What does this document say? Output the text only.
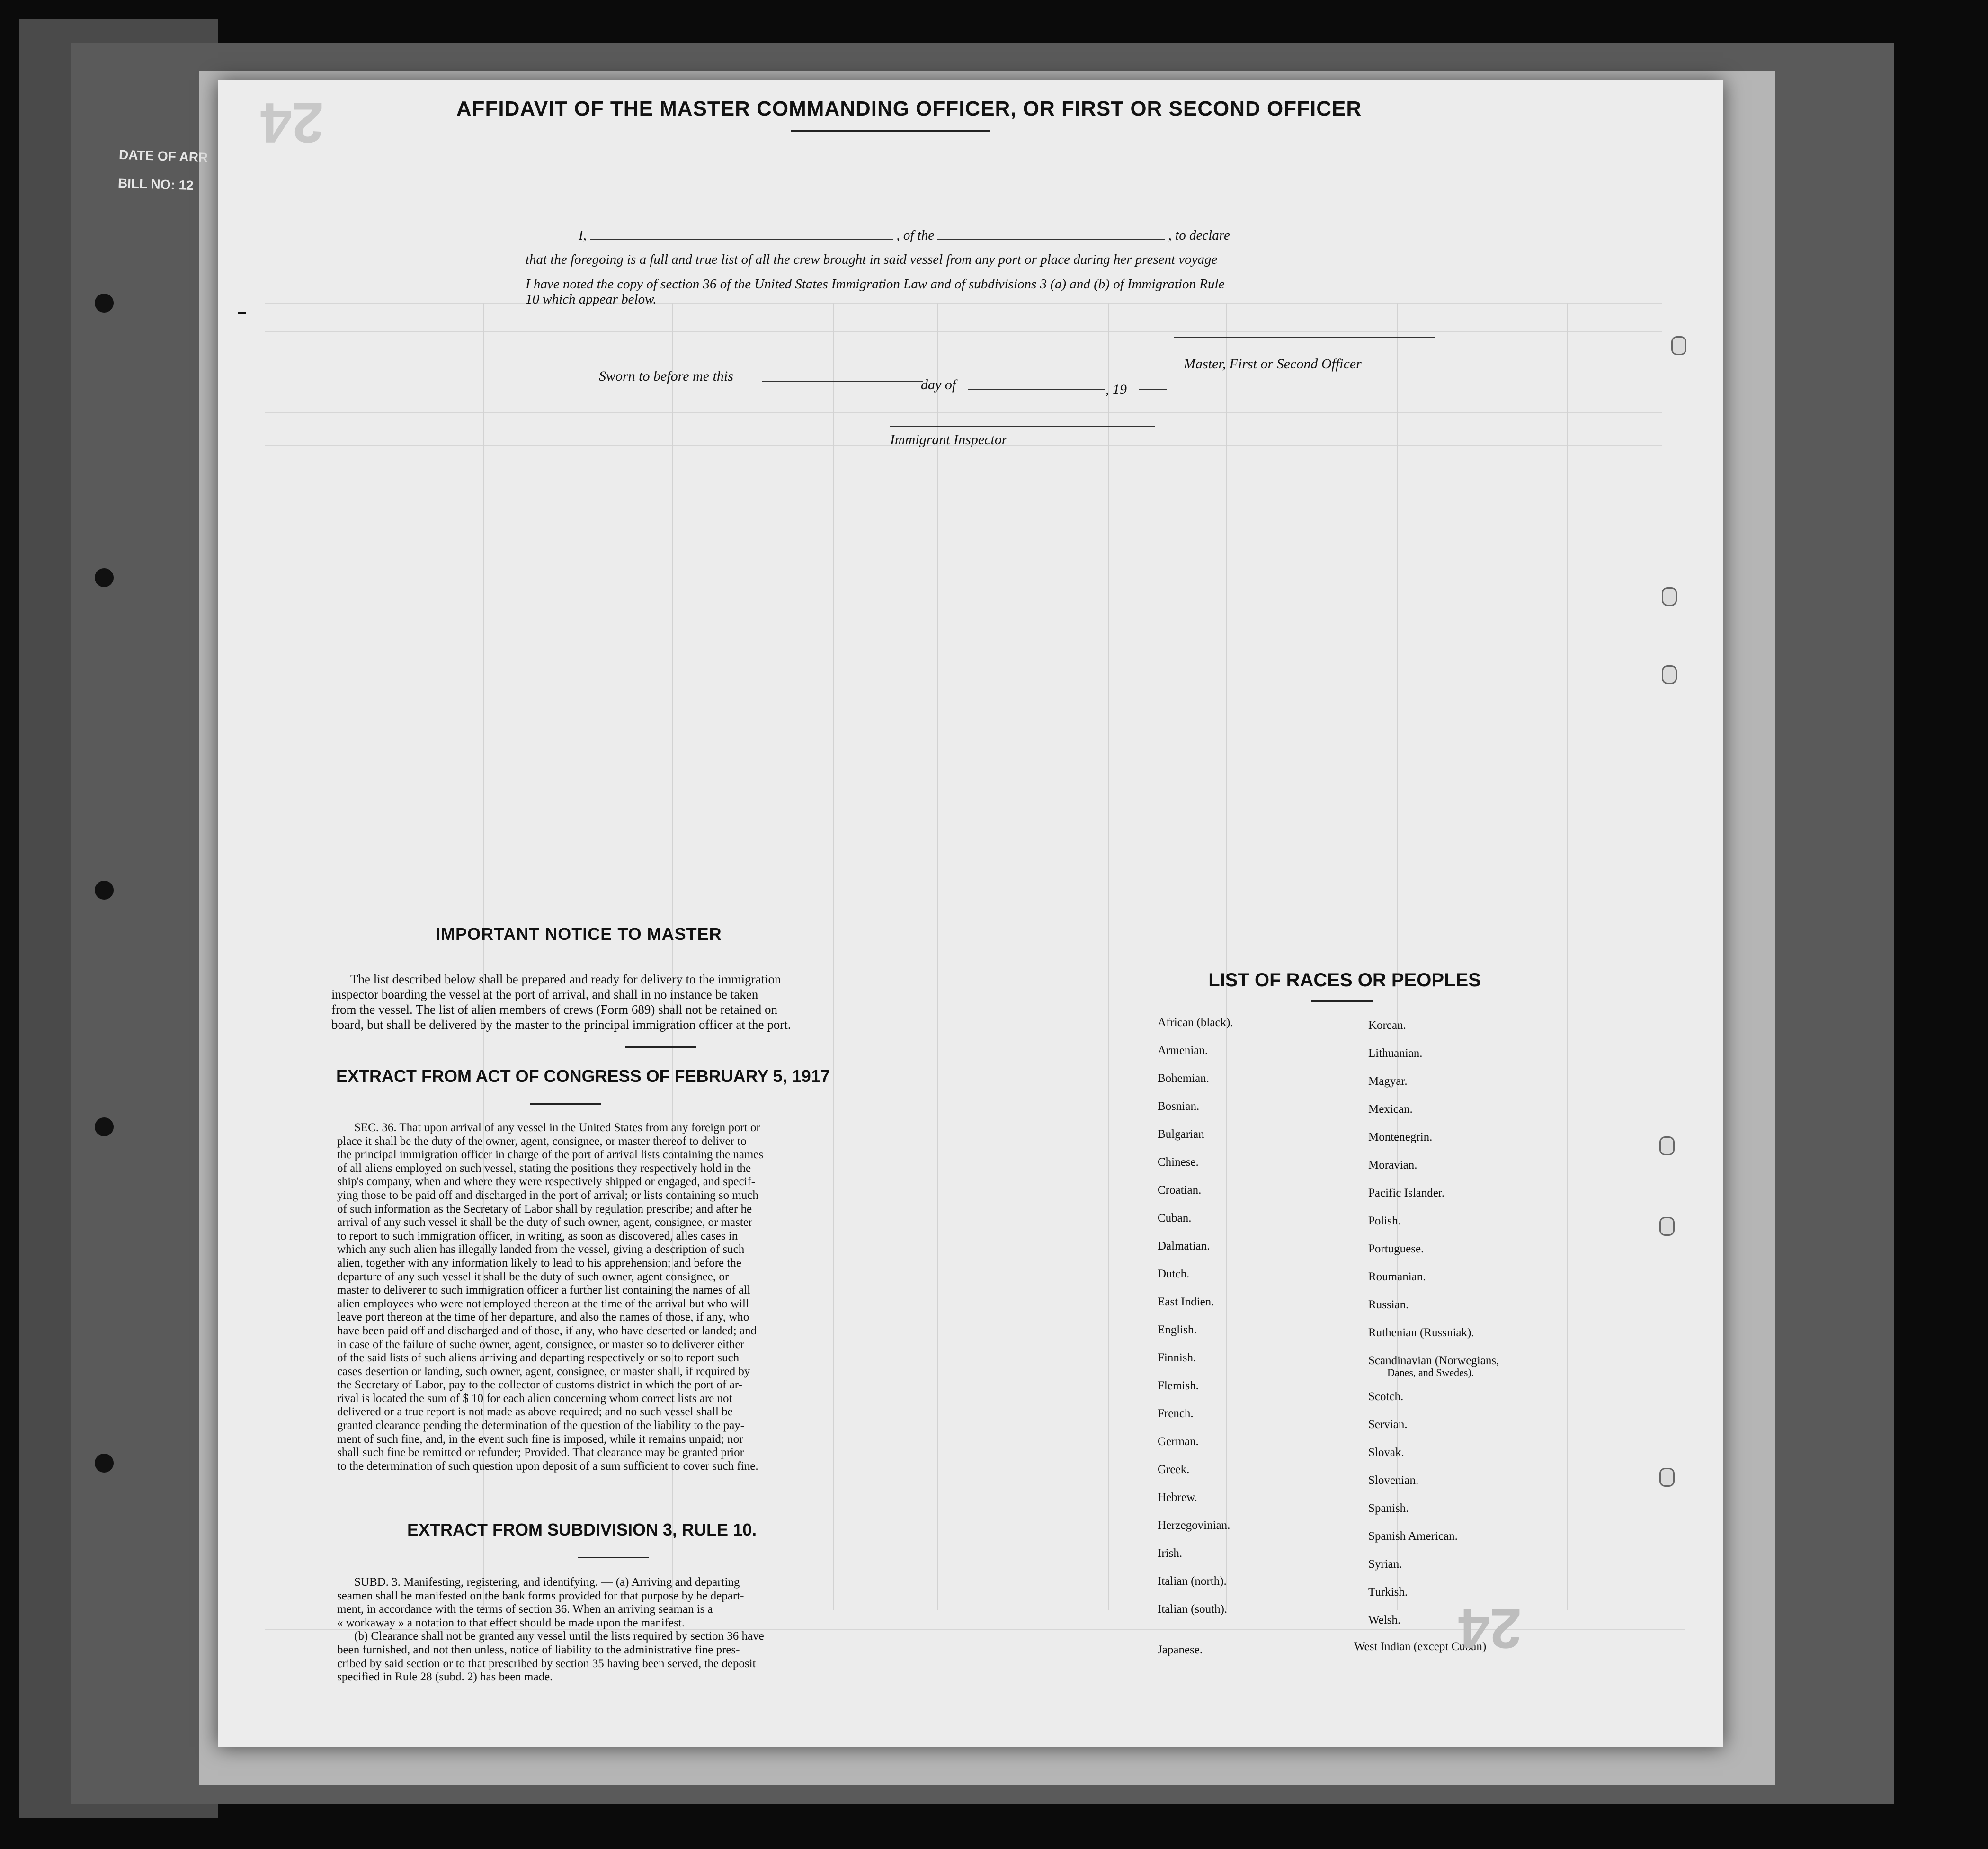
DATE OF ARR
BILL NO: 12
AFFIDAVIT OF THE MASTER COMMANDING OFFICER, OR FIRST OR SECOND OFFICER
I,	, of the	, to declare
that the foregoing is a full and true list of all the crew brought in said vessel from any port or place during her present voyage
I have noted the copy of section 36 of the United States Immigration Law and of subdivisions 3 (a) and (b) of Immigration Rule
10 which appear below.
Master, First or Second Officer
Sworn to before me this
day of	, 19
Immigrant Inspector
IMPORTANT NOTICE TO MASTER
The list described below shall be prepared and ready for delivery to the immigration
inspector boarding the vessel at the port of arrival, and shall in no instance be taken
from the vessel. The list of alien members of crews (Form 689) shall not be retained on
board, but shall be delivered by the master to the principal immigration officer at the port.
EXTRACT FROM ACT OF CONGRESS OF FEBRUARY 5, 1917
SEC. 36. That upon arrival of any vessel in the United States from any foreign port or
place it shall be the duty of the owner, agent, consignee, or master thereof to deliver to
the principal immigration officer in charge of the port of arrival lists containing the names
of all aliens employed on such vessel, stating the positions they respectively hold in the
ship's company, when and where they were respectively shipped or engaged, and specif-
ying those to be paid off and discharged in the port of arrival; or lists containing so much
of such information as the Secretary of Labor shall by regulation prescribe; and after he
arrival of any such vessel it shall be the duty of such owner, agent, consignee, or master
to report to such immigration officer, in writing, as soon as discovered, alles cases in
which any such alien has illegally landed from the vessel, giving a description of such
alien, together with any information likely to lead to his apprehension; and before the
departure of any such vessel it shall be the duty of such owner, agent consignee, or
master to deliverer to such immigration officer a further list containing the names of all
alien employees who were not employed thereon at the time of the arrival but who will
leave port thereon at the time of her departure, and also the names of those, if any, who
have been paid off and discharged and of those, if any, who have deserted or landed; and
in case of the failure of suche owner, agent, consignee, or master so to deliverer either
of the said lists of such aliens arriving and departing respectively or so to report such
cases desertion or landing, such owner, agent, consignee, or master shall, if required by
the Secretary of Labor, pay to the collector of customs district in which the port of ar-
rival is located the sum of $ 10 for each alien concerning whom correct lists are not
delivered or a true report is not made as above required; and no such vessel shall be
granted clearance pending the determination of the question of the liability to the pay-
ment of such fine, and, in the event such fine is imposed, while it remains unpaid; nor
shall such fine be remitted or refunder; Provided. That clearance may be granted prior
to the determination of such question upon deposit of a sum sufficient to cover such fine.
EXTRACT FROM SUBDIVISION 3, RULE 10.
SUBD. 3. Manifesting, registering, and identifying. — (a) Arriving and departing
seamen shall be manifested on the bank forms provided for that purpose by he depart-
ment, in accordance with the terms of section 36. When an arriving seaman is a
« workaway » a notation to that effect should be made upon the manifest.
(b) Clearance shall not be granted any vessel until the lists required by section 36 have
been furnished, and not then unless, notice of liability to the administrative fine pres-
cribed by said section or to that prescribed by section 35 having been served, the deposit
specified in Rule 28 (subd. 2) has been made.
LIST OF RACES OR PEOPLES
African (black).
Armenian.
Bohemian.
Bosnian.
Bulgarian
Chinese.
Croatian.
Cuban.
Dalmatian.
Dutch.
East Indien.
English.
Finnish.
Flemish.
French.
German.
Greek.
Hebrew.
Herzegovinian.
Irish.
Italian (north).
Italian (south).
Japanese.
Korean.
Lithuanian.
Magyar.
Mexican.
Montenegrin.
Moravian.
Pacific Islander.
Polish.
Portuguese.
Roumanian.
Russian.
Ruthenian (Russniak).
Scandinavian (Norwegians,
Danes, and Swedes).
Scotch.
Servian.
Slovak.
Slovenian.
Spanish.
Spanish American.
Syrian.
Turkish.
Welsh.
West Indian (except Cuban)
24
24
